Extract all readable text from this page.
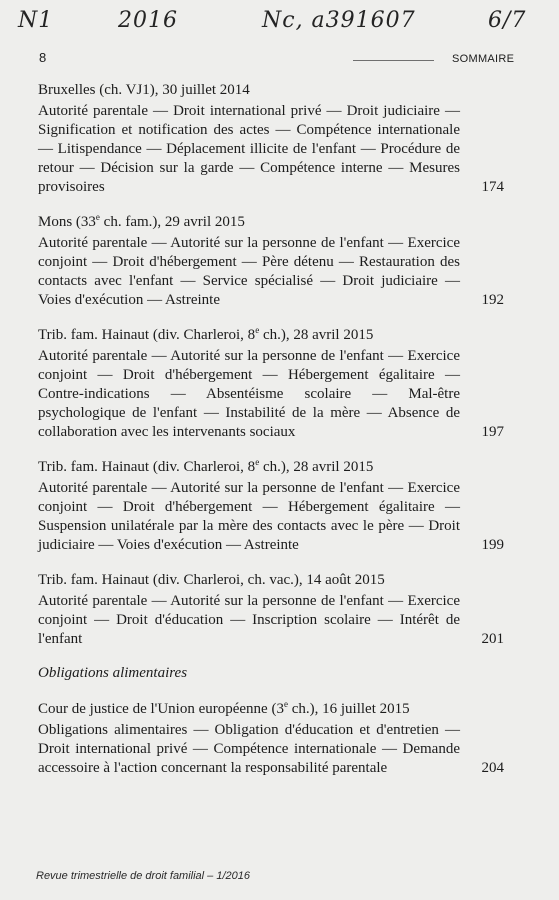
N1	2016	Nc, a391607	6/7
8	SOMMAIRE

Bruxelles (ch. VJ1), 30 juillet 2014

Autorité parentale — Droit international privé — Droit judiciaire — Signification et notification des actes — Compétence internationale — Litispendance — Déplacement illicite de l'enfant — Procédure de retour — Décision sur la garde — Compétence interne — Mesures provisoires	174

Mons (33e ch. fam.), 29 avril 2015

Autorité parentale — Autorité sur la personne de l'enfant — Exercice conjoint — Droit d'hébergement — Père détenu — Restauration des contacts avec l'enfant — Service spécialisé — Droit judiciaire — Voies d'exécution — Astreinte	192

Trib. fam. Hainaut (div. Charleroi, 8e ch.), 28 avril 2015

Autorité parentale — Autorité sur la personne de l'enfant — Exercice conjoint — Droit d'hébergement — Hébergement égalitaire — Contre-indications — Absentéisme scolaire — Mal-être psychologique de l'enfant — Instabilité de la mère — Absence de collaboration avec les intervenants sociaux	197

Trib. fam. Hainaut (div. Charleroi, 8e ch.), 28 avril 2015

Autorité parentale — Autorité sur la personne de l'enfant — Exercice conjoint — Droit d'hébergement — Hébergement égalitaire — Suspension unilatérale par la mère des contacts avec le père — Droit judiciaire — Voies d'exécution — Astreinte	199

Trib. fam. Hainaut (div. Charleroi, ch. vac.), 14 août 2015

Autorité parentale — Autorité sur la personne de l'enfant — Exercice conjoint — Droit d'éducation — Inscription scolaire — Intérêt de l'enfant	201

Obligations alimentaires

Cour de justice de l'Union européenne (3e ch.), 16 juillet 2015

Obligations alimentaires — Obligation d'éducation et d'entretien — Droit international privé — Compétence internationale — Demande accessoire à l'action concernant la responsabilité parentale	204
Revue trimestrielle de droit familial – 1/2016
